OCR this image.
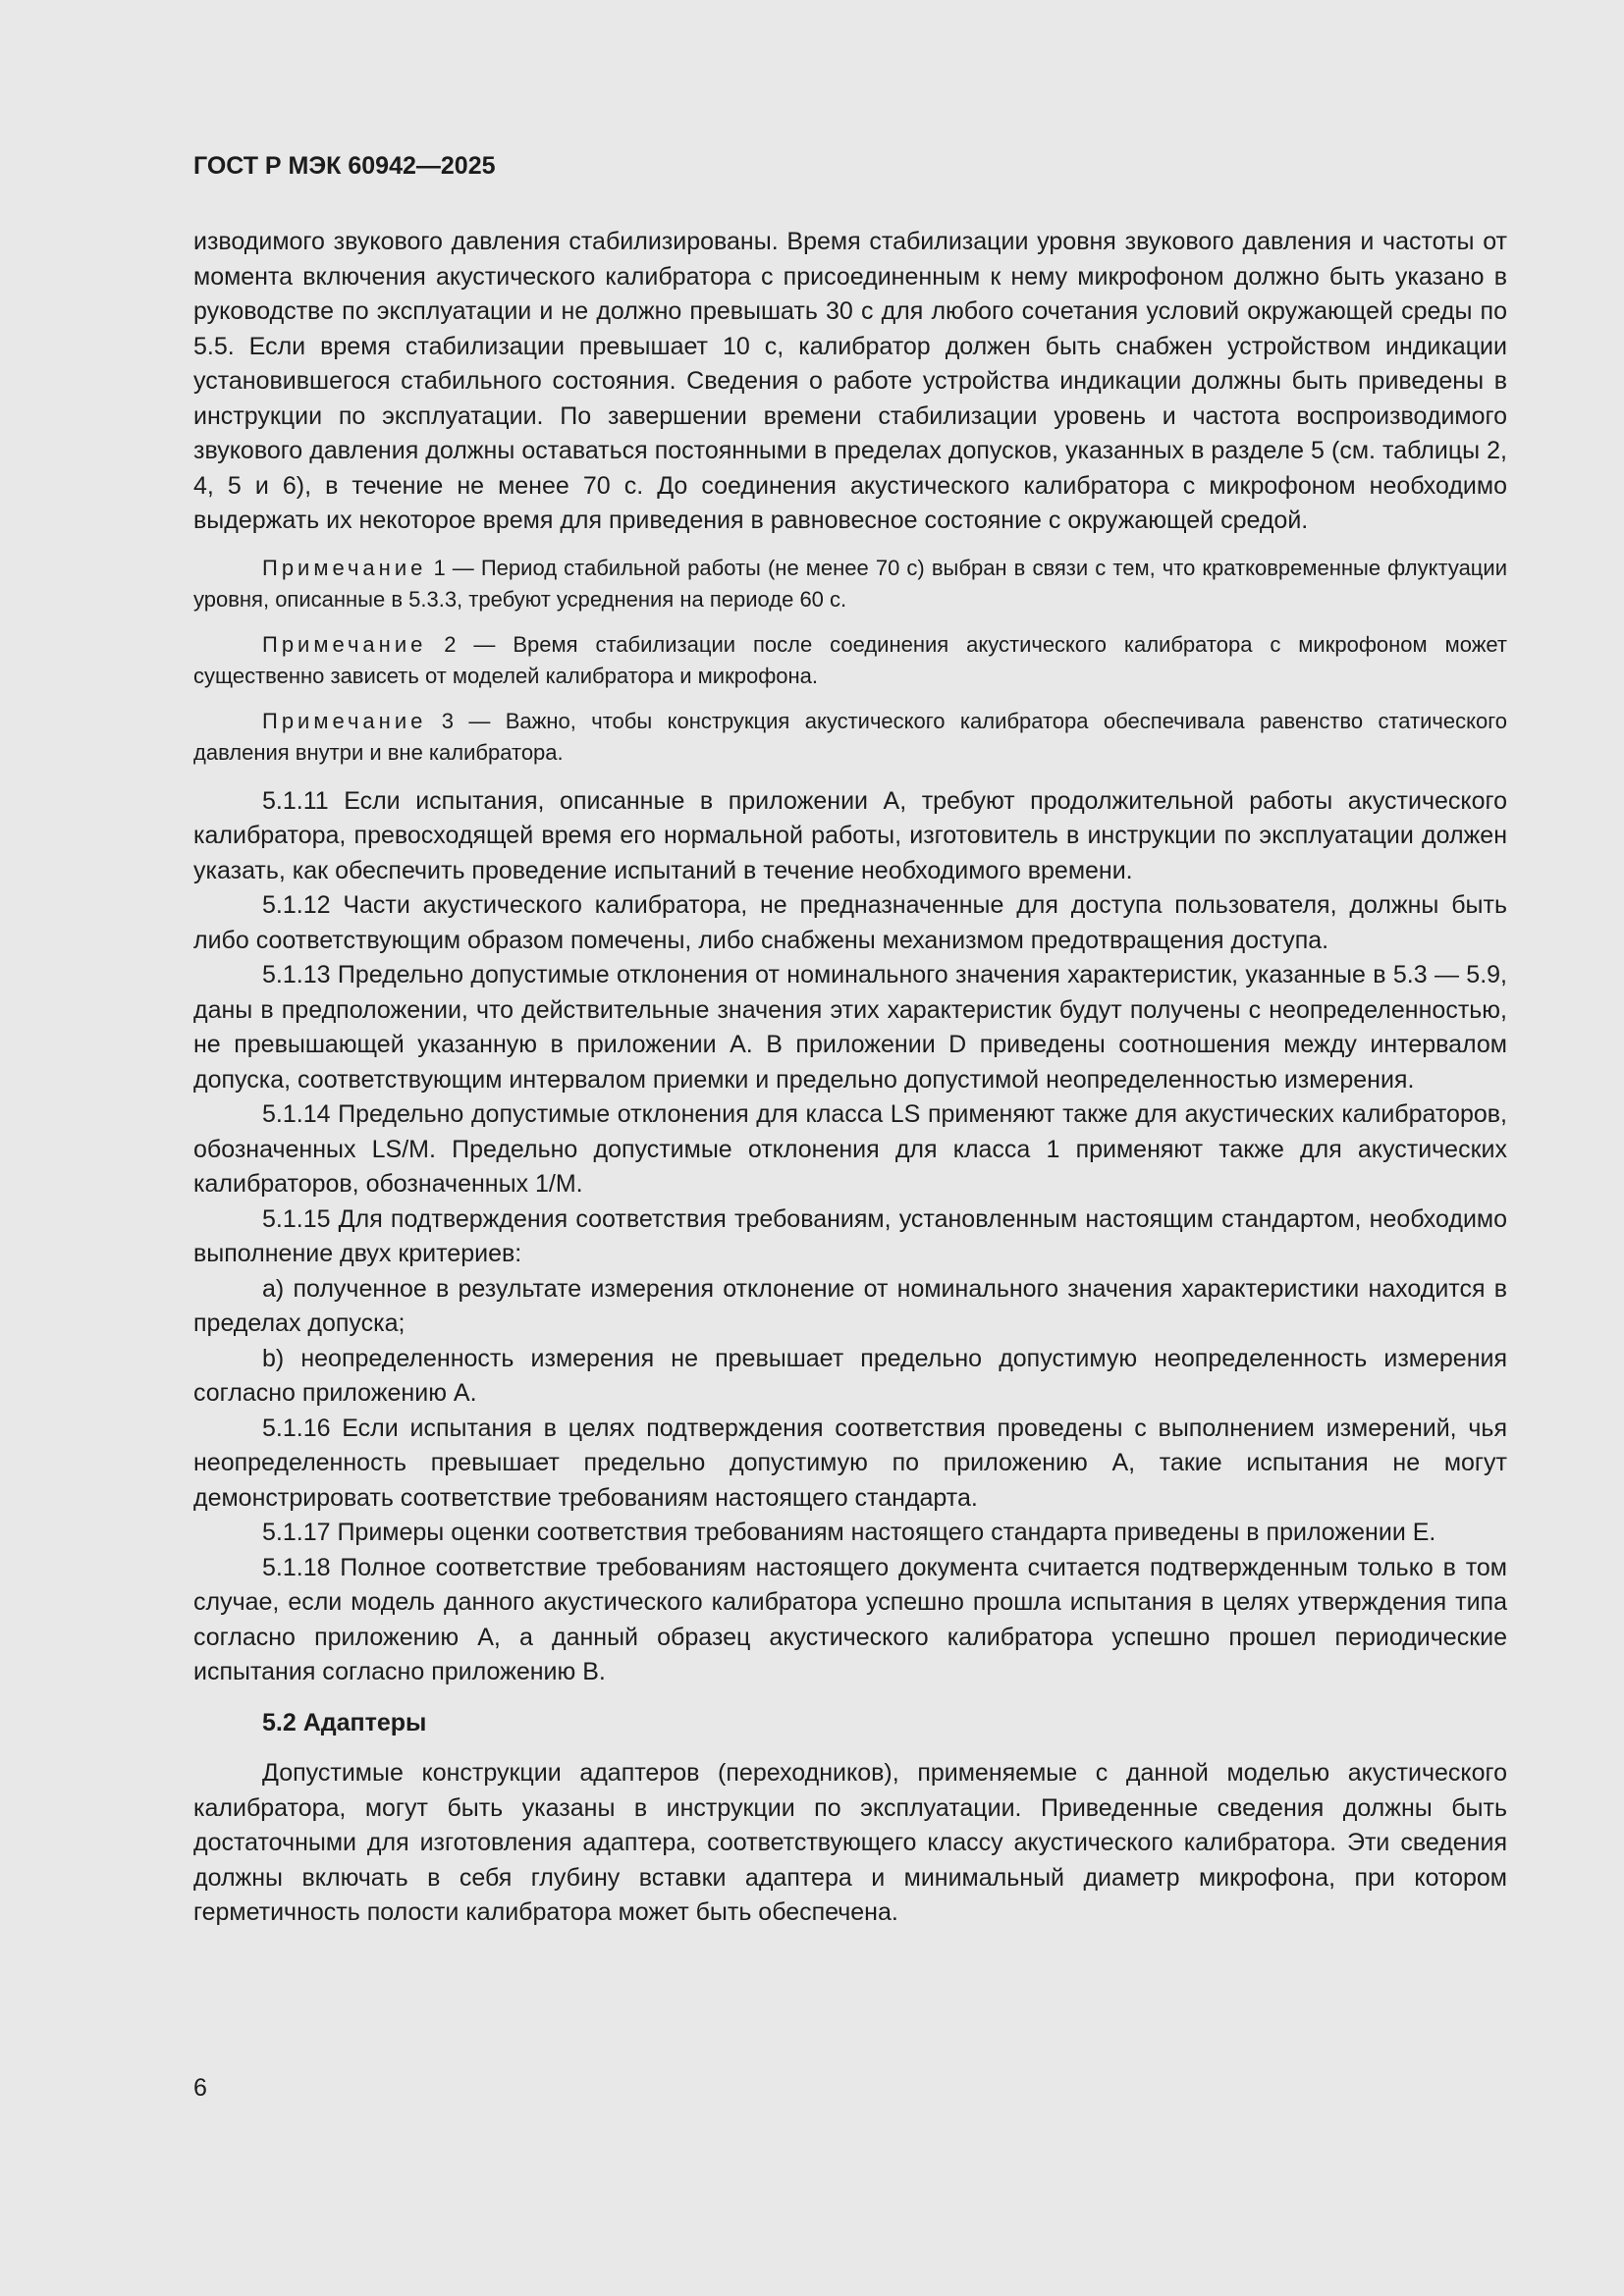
ГОСТ Р МЭК 60942—2025

изводимого звукового давления стабилизированы. Время стабилизации уровня звукового давления и частоты от момента включения акустического калибратора с присоединенным к нему микрофоном должно быть указано в руководстве по эксплуатации и не должно превышать 30 с для любого сочетания условий окружающей среды по 5.5. Если время стабилизации превышает 10 с, калибратор должен быть снабжен устройством индикации установившегося стабильного состояния. Сведения о работе устройства индикации должны быть приведены в инструкции по эксплуатации. По завершении времени стабилизации уровень и частота воспроизводимого звукового давления должны оставаться постоянными в пределах допусков, указанных в разделе 5 (см. таблицы 2, 4, 5 и 6), в течение не менее 70 с. До соединения акустического калибратора с микрофоном необходимо выдержать их некоторое время для приведения в равновесное состояние с окружающей средой.

Примечание 1 — Период стабильной работы (не менее 70 с) выбран в связи с тем, что кратковременные флуктуации уровня, описанные в 5.3.3, требуют усреднения на периоде 60 с.

Примечание 2 — Время стабилизации после соединения акустического калибратора с микрофоном может существенно зависеть от моделей калибратора и микрофона.

Примечание 3 — Важно, чтобы конструкция акустического калибратора обеспечивала равенство статического давления внутри и вне калибратора.

5.1.11 Если испытания, описанные в приложении А, требуют продолжительной работы акустического калибратора, превосходящей время его нормальной работы, изготовитель в инструкции по эксплуатации должен указать, как обеспечить проведение испытаний в течение необходимого времени.

5.1.12 Части акустического калибратора, не предназначенные для доступа пользователя, должны быть либо соответствующим образом помечены, либо снабжены механизмом предотвращения доступа.

5.1.13 Предельно допустимые отклонения от номинального значения характеристик, указанные в 5.3 — 5.9, даны в предположении, что действительные значения этих характеристик будут получены с неопределенностью, не превышающей указанную в приложении А. В приложении D приведены соотношения между интервалом допуска, соответствующим интервалом приемки и предельно допустимой неопределенностью измерения.

5.1.14 Предельно допустимые отклонения для класса LS применяют также для акустических калибраторов, обозначенных LS/M. Предельно допустимые отклонения для класса 1 применяют также для акустических калибраторов, обозначенных 1/M.

5.1.15 Для подтверждения соответствия требованиям, установленным настоящим стандартом, необходимо выполнение двух критериев:

a) полученное в результате измерения отклонение от номинального значения характеристики находится в пределах допуска;

b) неопределенность измерения не превышает предельно допустимую неопределенность измерения согласно приложению А.

5.1.16 Если испытания в целях подтверждения соответствия проведены с выполнением измерений, чья неопределенность превышает предельно допустимую по приложению А, такие испытания не могут демонстрировать соответствие требованиям настоящего стандарта.

5.1.17 Примеры оценки соответствия требованиям настоящего стандарта приведены в приложении Е.

5.1.18 Полное соответствие требованиям настоящего документа считается подтвержденным только в том случае, если модель данного акустического калибратора успешно прошла испытания в целях утверждения типа согласно приложению А, а данный образец акустического калибратора успешно прошел периодические испытания согласно приложению В.

5.2 Адаптеры

Допустимые конструкции адаптеров (переходников), применяемые с данной моделью акустического калибратора, могут быть указаны в инструкции по эксплуатации. Приведенные сведения должны быть достаточными для изготовления адаптера, соответствующего классу акустического калибратора. Эти сведения должны включать в себя глубину вставки адаптера и минимальный диаметр микрофона, при котором герметичность полости калибратора может быть обеспечена.

6
